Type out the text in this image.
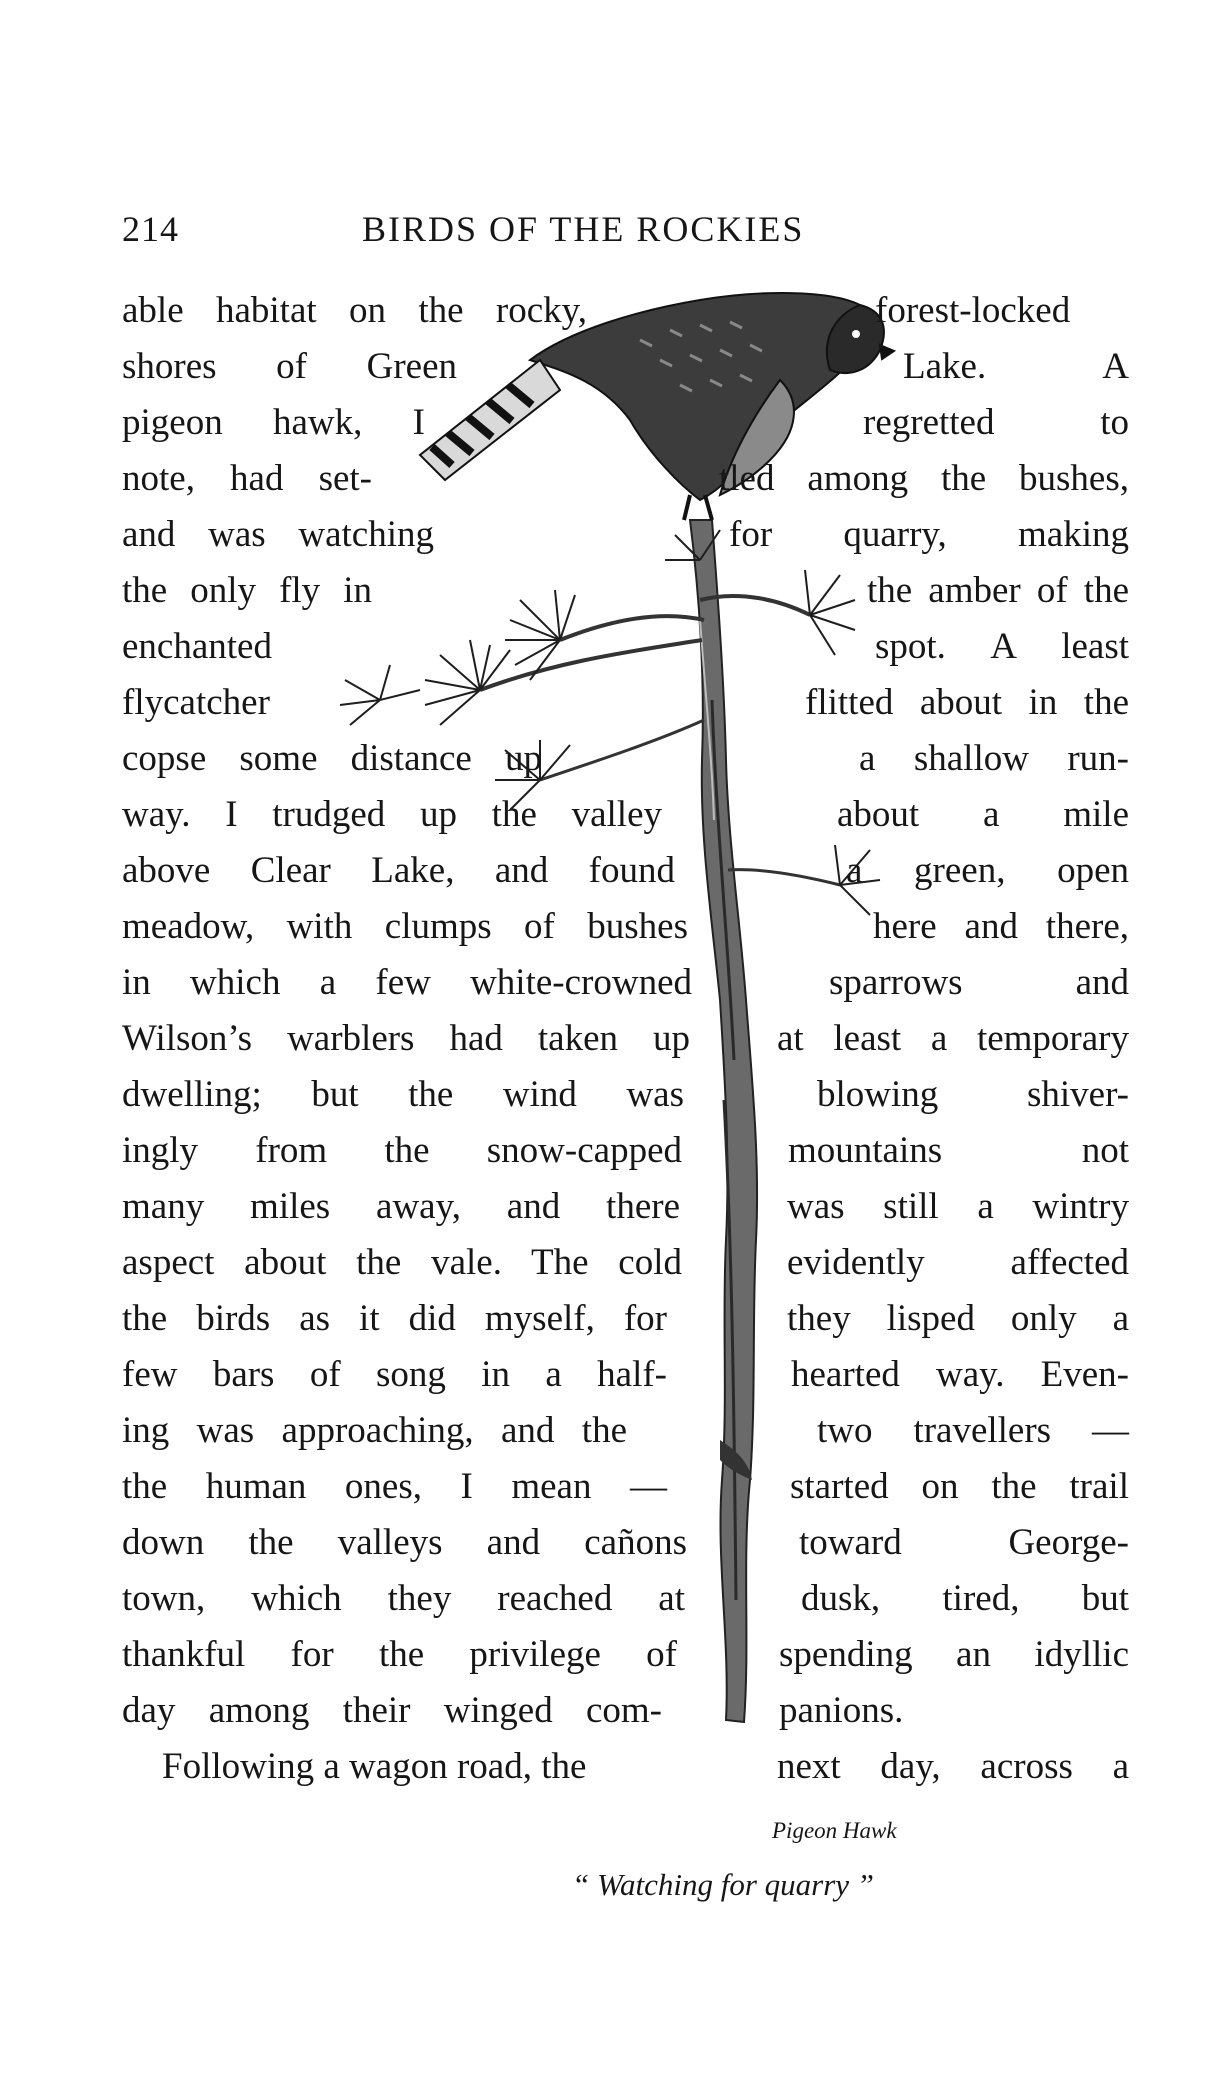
214	BIRDS OF THE ROCKIES
able habitat on the rocky,
shores of Green
pigeon hawk, I
note, had set-
and was watching
the only fly in
enchanted
flycatcher
copse some distance up
way. I trudged up the valley
above Clear Lake, and found
meadow, with clumps of bushes
in which a few white-crowned
Wilson’s warblers had taken up
dwelling; but the wind was
ingly from the snow-capped
many miles away, and there
aspect about the vale. The cold
the birds as it did myself, for
few bars of song in a half-
ing was approaching, and the
the human ones, I mean —
down the valleys and cañons
town, which they reached at
thankful for the privilege of
day among their winged com-
Following a wagon road, the
forest-locked
Lake. A
regretted to
tled among the bushes,
for quarry, making
the amber of the
spot. A least
flitted about in the
a shallow run-
about a mile
a green, open
here and there,
sparrows and
at least a temporary
blowing shiver-
mountains not
was still a wintry
evidently affected
they lisped only a
hearted way. Even-
two travellers —
started on the trail
toward George-
dusk, tired, but
spending an idyllic
panions.
next day, across a
Pigeon Hawk
“ Watching for quarry ”
